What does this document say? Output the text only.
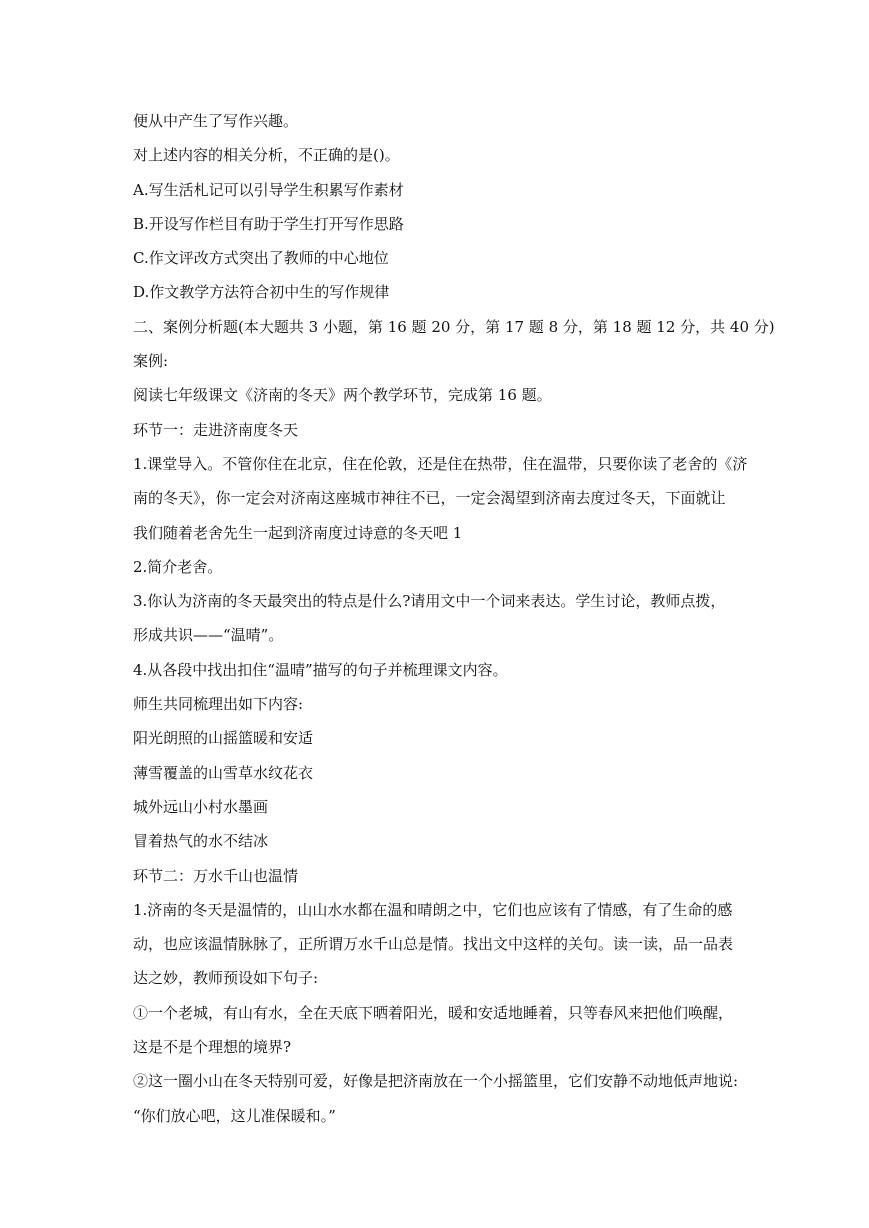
便从中产生了写作兴趣。
对上述内容的相关分析，不正确的是()。
A.写生活札记可以引导学生积累写作素材
B.开设写作栏目有助于学生打开写作思路
C.作文评改方式突出了教师的中心地位
D.作文教学方法符合初中生的写作规律
二、案例分析题(本大题共 3 小题，第 16 题 20 分，第 17 题 8 分，第 18 题 12 分，共 40 分)
案例:
阅读七年级课文《济南的冬天》两个教学环节，完成第 16 题。
环节一：走进济南度冬天
1.课堂导入。不管你住在北京，住在伦敦，还是住在热带，住在温带，只要你读了老舍的《济
南的冬天》，你一定会对济南这座城市神往不已，一定会渴望到济南去度过冬天，下面就让
我们随着老舍先生一起到济南度过诗意的冬天吧 1
2.简介老舍。
3.你认为济南的冬天最突出的特点是什么?请用文中一个词来表达。学生讨论，教师点拨，
形成共识——“温晴”。
4.从各段中找出扣住“温晴”描写的句子并梳理课文内容。
师生共同梳理出如下内容:
阳光朗照的山摇篮暖和安适
薄雪覆盖的山雪草水纹花衣
城外远山小村水墨画
冒着热气的水不结冰
环节二：万水千山也温情
1.济南的冬天是温情的，山山水水都在温和晴朗之中，它们也应该有了情感，有了生命的感
动，也应该温情脉脉了，正所谓万水千山总是情。找出文中这样的关句。读一读，品一品表
达之妙，教师预设如下句子:
①一个老城，有山有水，全在天底下晒着阳光，暖和安适地睡着，只等春风来把他们唤醒，
这是不是个理想的境界?
②这一圈小山在冬天特别可爱，好像是把济南放在一个小摇篮里，它们安静不动地低声地说:
“你们放心吧，这儿准保暖和。”
